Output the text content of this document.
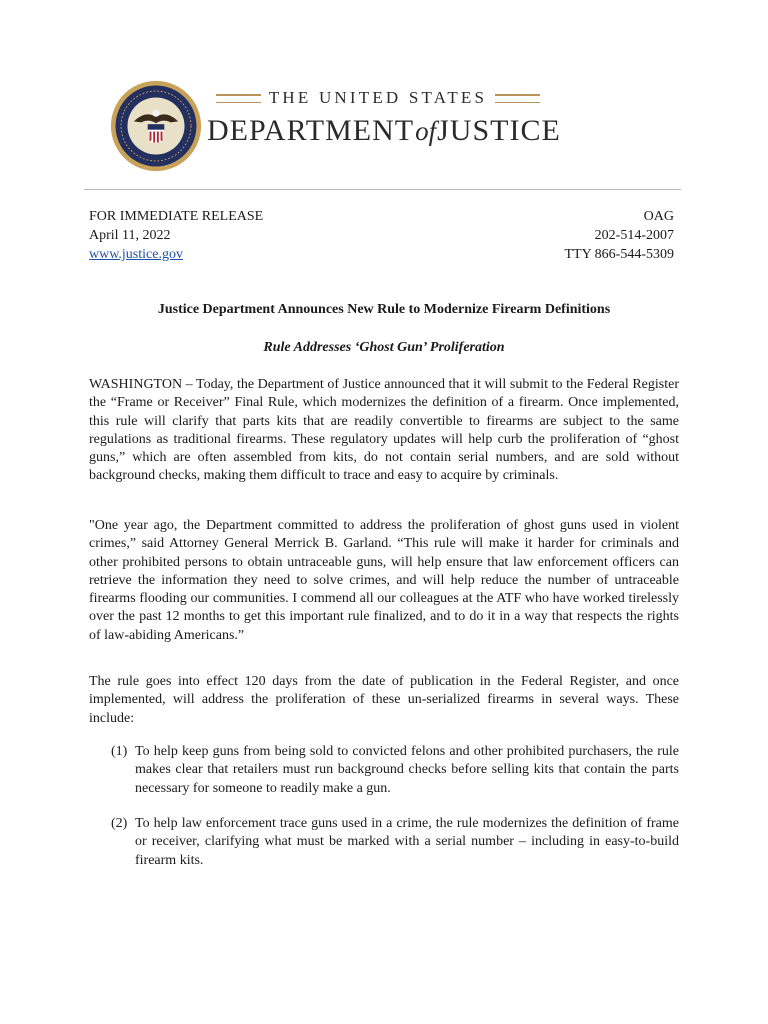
THE UNITED STATES
DEPARTMENTofJUSTICE
FOR IMMEDIATE RELEASE
April 11, 2022
www.justice.gov
OAG
202-514-2007
TTY 866-544-5309
Justice Department Announces New Rule to Modernize Firearm Definitions
Rule Addresses ‘Ghost Gun’ Proliferation

WASHINGTON – Today, the Department of Justice announced that it will submit to the Federal Register the “Frame or Receiver” Final Rule, which modernizes the definition of a firearm. Once implemented, this rule will clarify that parts kits that are readily convertible to firearms are subject to the same regulations as traditional firearms. These regulatory updates will help curb the proliferation of “ghost guns,” which are often assembled from kits, do not contain serial numbers, and are sold without background checks, making them difficult to trace and easy to acquire by criminals.

"One year ago, the Department committed to address the proliferation of ghost guns used in violent crimes,” said Attorney General Merrick B. Garland. “This rule will make it harder for criminals and other prohibited persons to obtain untraceable guns, will help ensure that law enforcement officers can retrieve the information they need to solve crimes, and will help reduce the number of untraceable firearms flooding our communities. I commend all our colleagues at the ATF who have worked tirelessly over the past 12 months to get this important rule finalized, and to do it in a way that respects the rights of law-abiding Americans.”

The rule goes into effect 120 days from the date of publication in the Federal Register, and once implemented, will address the proliferation of these un-serialized firearms in several ways. These include:

(1) To help keep guns from being sold to convicted felons and other prohibited purchasers, the rule makes clear that retailers must run background checks before selling kits that contain the parts necessary for someone to readily make a gun.
(2) To help law enforcement trace guns used in a crime, the rule modernizes the definition of frame or receiver, clarifying what must be marked with a serial number – including in easy-to-build firearm kits.
